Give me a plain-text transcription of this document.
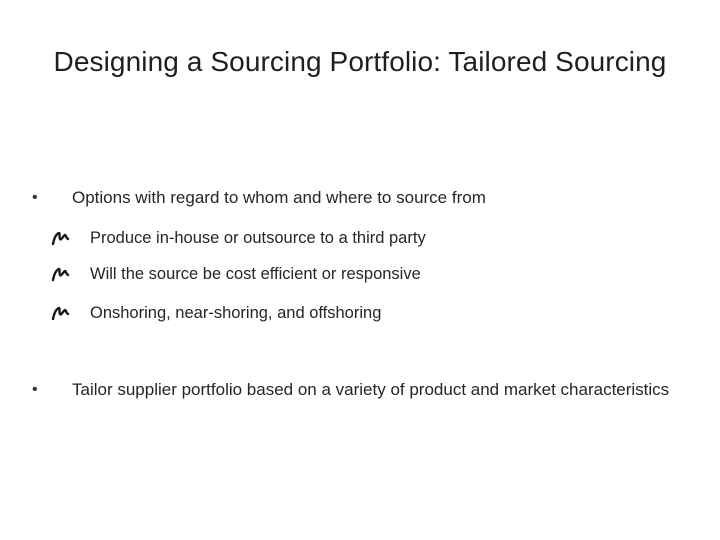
Designing a Sourcing Portfolio: Tailored Sourcing
• Options with regard to whom and where to source from
Produce in-house or outsource to a third party
Will the source be cost efficient or responsive
Onshoring, near-shoring, and offshoring
• Tailor supplier portfolio based on a variety of product and market characteristics
